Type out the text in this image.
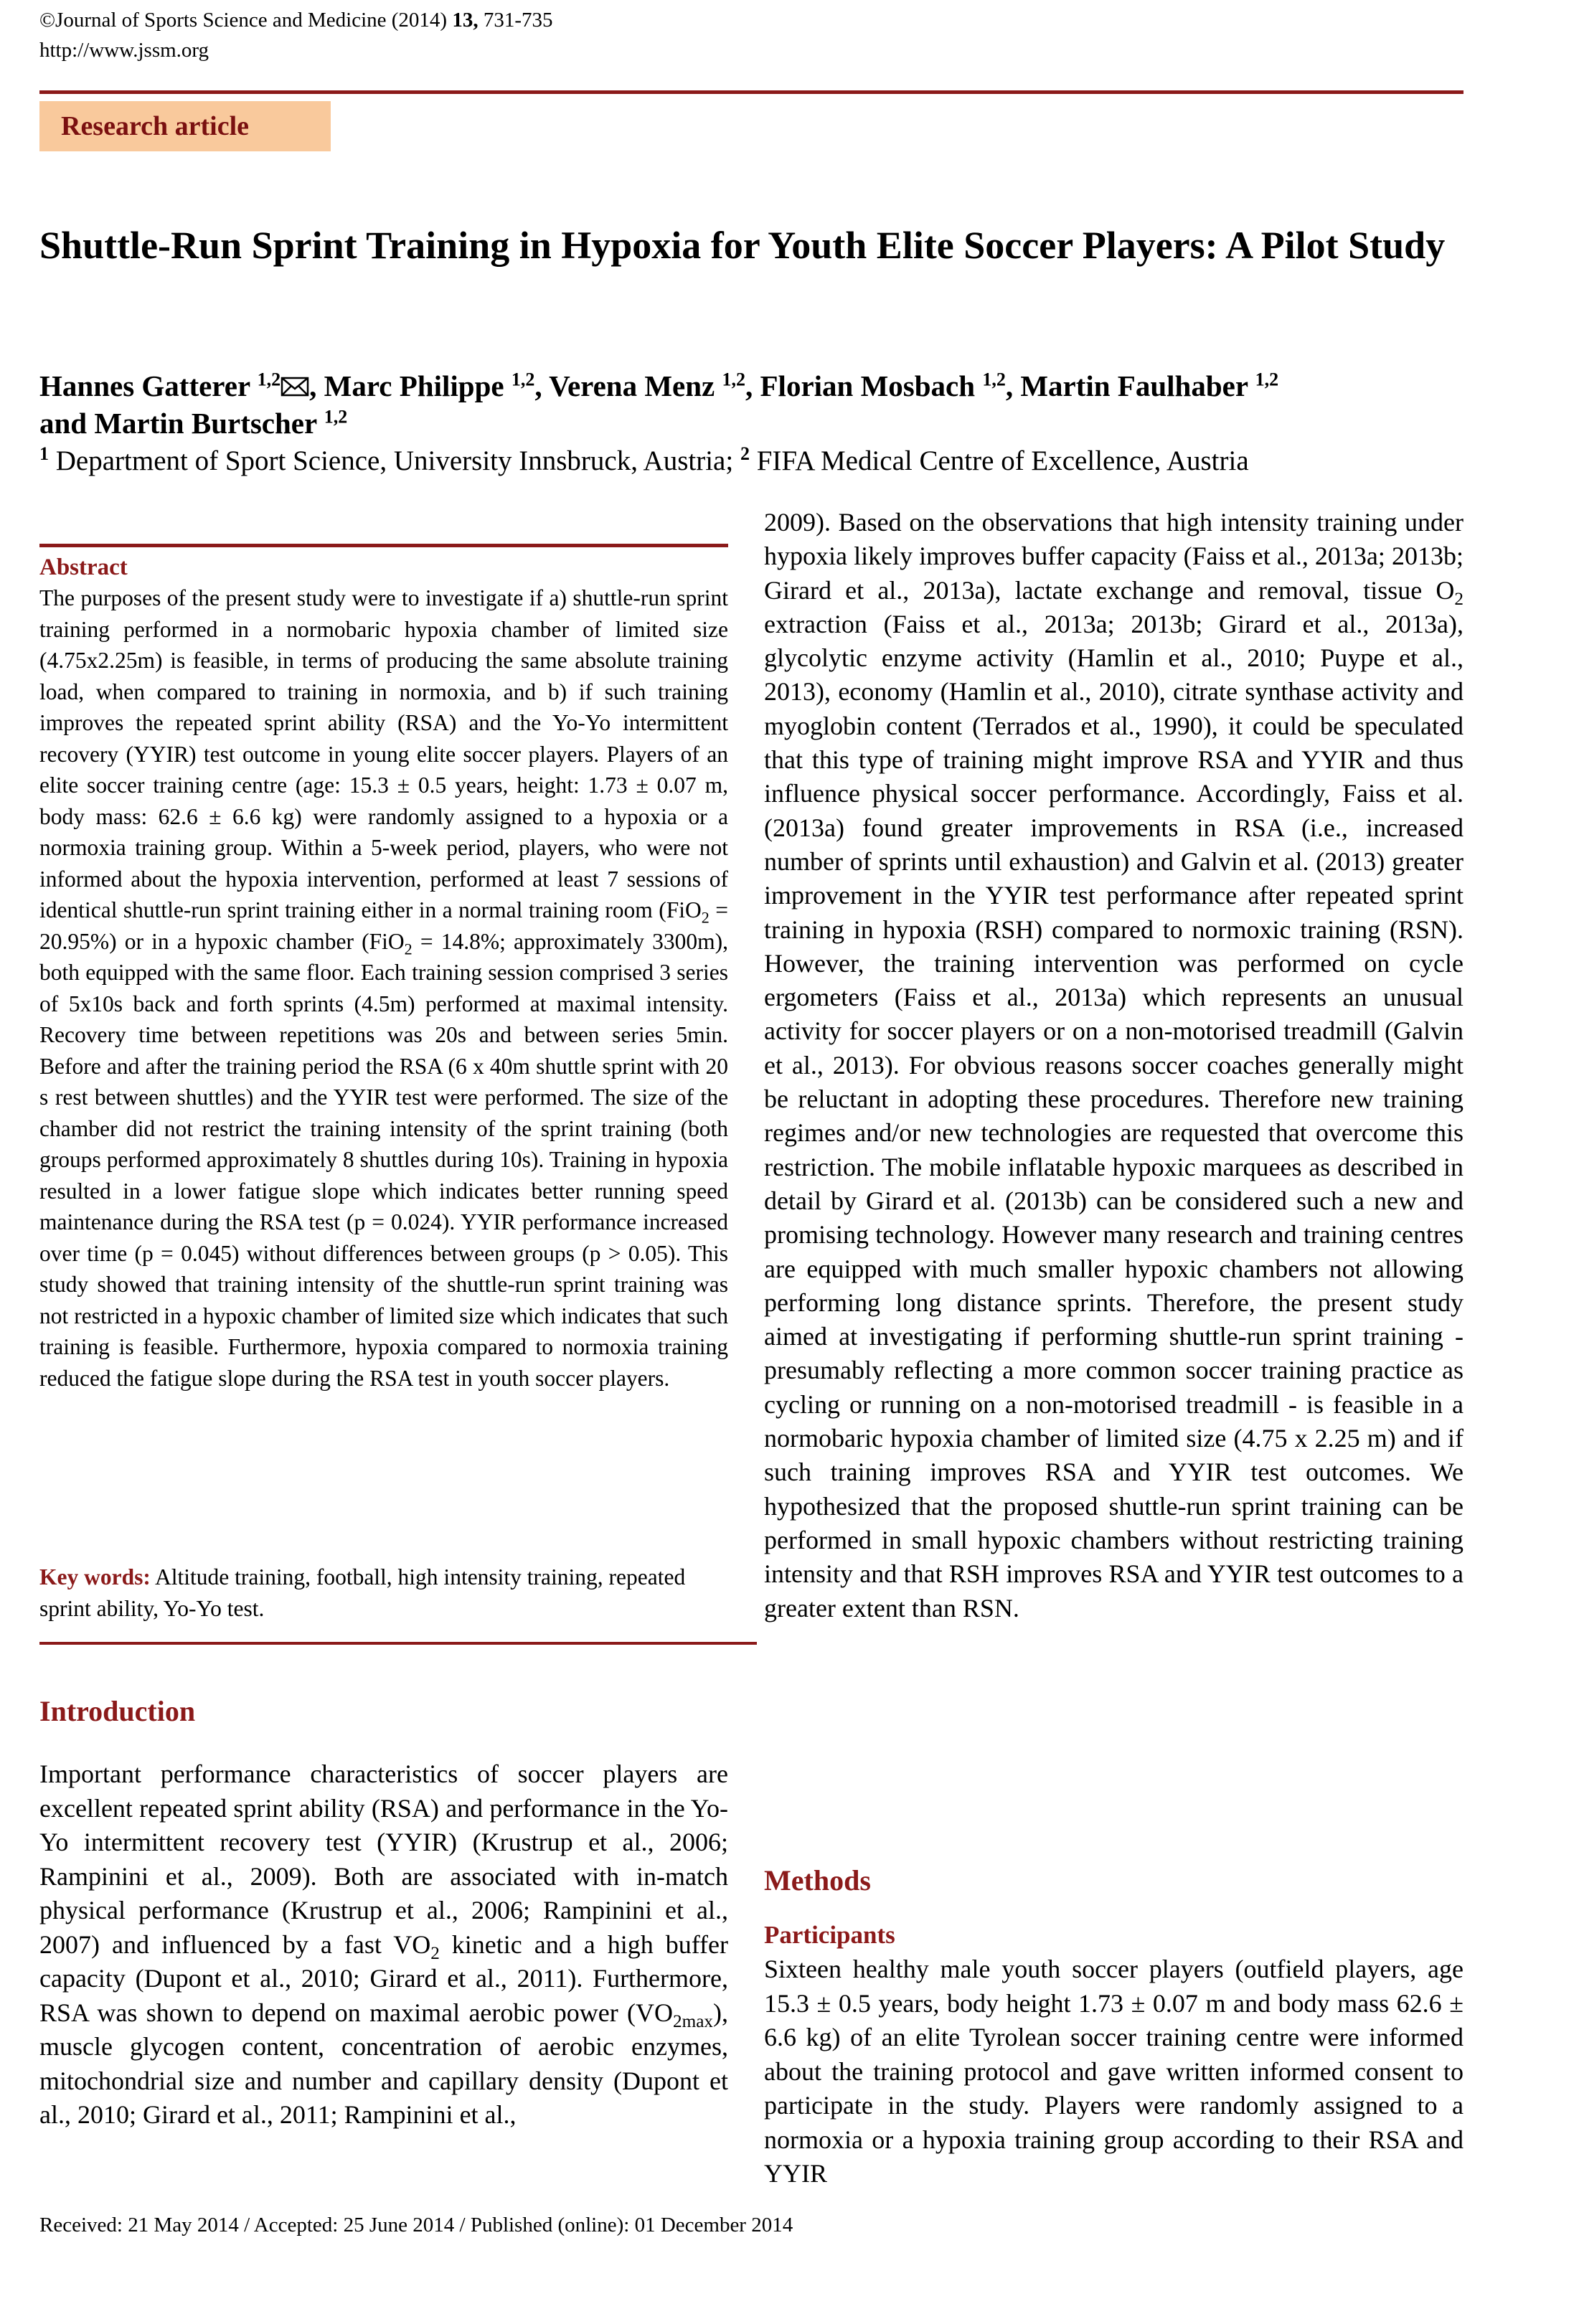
©Journal of Sports Science and Medicine (2014) 13, 731-735
http://www.jssm.org
Research article
Shuttle-Run Sprint Training in Hypoxia for Youth Elite Soccer Players: A Pilot Study
Hannes Gatterer $^{1,2}$ , Marc Philippe $^{1,2}$, Verena Menz $^{1,2}$, Florian Mosbach $^{1,2}$, Martin Faulhaber $^{1,2}$
and Martin Burtscher $^{1,2}$
$^1$ Department of Sport Science, University Innsbruck, Austria; $^2$ FIFA Medical Centre of Excellence, Austria
Abstract
The purposes of the present study were to investigate if a) shuttle-run sprint training performed in a normobaric hypoxia chamber of limited size (4.75x2.25m) is feasible, in terms of producing the same absolute training load, when compared to training in normoxia, and b) if such training improves the repeated sprint ability (RSA) and the Yo-Yo intermittent recovery (YYIR) test outcome in young elite soccer players. Players of an elite soccer training centre (age: 15.3 ± 0.5 years, height: 1.73 ± 0.07 m, body mass: 62.6 ± 6.6 kg) were randomly assigned to a hypoxia or a normoxia training group. Within a 5-week period, players, who were not informed about the hypoxia intervention, performed at least 7 sessions of identical shuttle-run sprint training either in a normal training room (FiO$_2$ = 20.95%) or in a hypoxic chamber (FiO$_2$ = 14.8%; approximately 3300m), both equipped with the same floor. Each training session comprised 3 series of 5x10s back and forth sprints (4.5m) performed at maximal intensity. Recovery time between repetitions was 20s and between series 5min. Before and after the training period the RSA (6 x 40m shuttle sprint with 20 s rest between shuttles) and the YYIR test were performed. The size of the chamber did not restrict the training intensity of the sprint training (both groups performed approximately 8 shuttles during 10s). Training in hypoxia resulted in a lower fatigue slope which indicates better running speed maintenance during the RSA test (p = 0.024). YYIR performance increased over time (p = 0.045) without differences between groups (p > 0.05). This study showed that training intensity of the shuttle-run sprint training was not restricted in a hypoxic chamber of limited size which indicates that such training is feasible. Furthermore, hypoxia compared to normoxia training reduced the fatigue slope during the RSA test in youth soccer players.
Key words: Altitude training, football, high intensity training, repeated sprint ability, Yo-Yo test.
Introduction
Important performance characteristics of soccer players are excellent repeated sprint ability (RSA) and performance in the Yo-Yo intermittent recovery test (YYIR) (Krustrup et al., 2006; Rampinini et al., 2009). Both are associated with in-match physical performance (Krustrup et al., 2006; Rampinini et al., 2007) and influenced by a fast $VO_2$ kinetic and a high buffer capacity (Dupont et al., 2010; Girard et al., 2011). Furthermore, RSA was shown to depend on maximal aerobic power $(VO_{2max})$, muscle glycogen content, concentration of aerobic enzymes, mitochondrial size and number and capillary density (Dupont et al., 2010; Girard et al., 2011; Rampinini et al.,
2009). Based on the observations that high intensity training under hypoxia likely improves buffer capacity (Faiss et al., 2013a; 2013b; Girard et al., 2013a), lactate exchange and removal, tissue $O_2$ extraction (Faiss et al., 2013a; 2013b; Girard et al., 2013a), glycolytic enzyme activity (Hamlin et al., 2010; Puype et al., 2013), economy (Hamlin et al., 2010), citrate synthase activity and myoglobin content (Terrados et al., 1990), it could be speculated that this type of training might improve RSA and YYIR and thus influence physical soccer performance. Accordingly, Faiss et al. (2013a) found greater improvements in RSA (i.e., increased number of sprints until exhaustion) and Galvin et al. (2013) greater improvement in the YYIR test performance after repeated sprint training in hypoxia (RSH) compared to normoxic training (RSN). However, the training intervention was performed on cycle ergometers (Faiss et al., 2013a) which represents an unusual activity for soccer players or on a non-motorised treadmill (Galvin et al., 2013). For obvious reasons soccer coaches generally might be reluctant in adopting these procedures. Therefore new training regimes and/or new technologies are requested that overcome this restriction. The mobile inflatable hypoxic marquees as described in detail by Girard et al. (2013b) can be considered such a new and promising technology. However many research and training centres are equipped with much smaller hypoxic chambers not allowing performing long distance sprints. Therefore, the present study aimed at investigating if performing shuttle-run sprint training - presumably reflecting a more common soccer training practice as cycling or running on a non-motorised treadmill - is feasible in a normobaric hypoxia chamber of limited size (4.75 x 2.25 m) and if such training improves RSA and YYIR test outcomes. We hypothesized that the proposed shuttle-run sprint training can be performed in small hypoxic chambers without restricting training intensity and that RSH improves RSA and YYIR test outcomes to a greater extent than RSN.
Methods
Participants
Sixteen healthy male youth soccer players (outfield players, age 15.3 ± 0.5 years, body height 1.73 ± 0.07 m and body mass 62.6 ± 6.6 kg) of an elite Tyrolean soccer training centre were informed about the training protocol and gave written informed consent to participate in the study. Players were randomly assigned to a normoxia or a hypoxia training group according to their RSA and YYIR
Received: 21 May 2014 / Accepted: 25 June 2014 / Published (online): 01 December 2014
